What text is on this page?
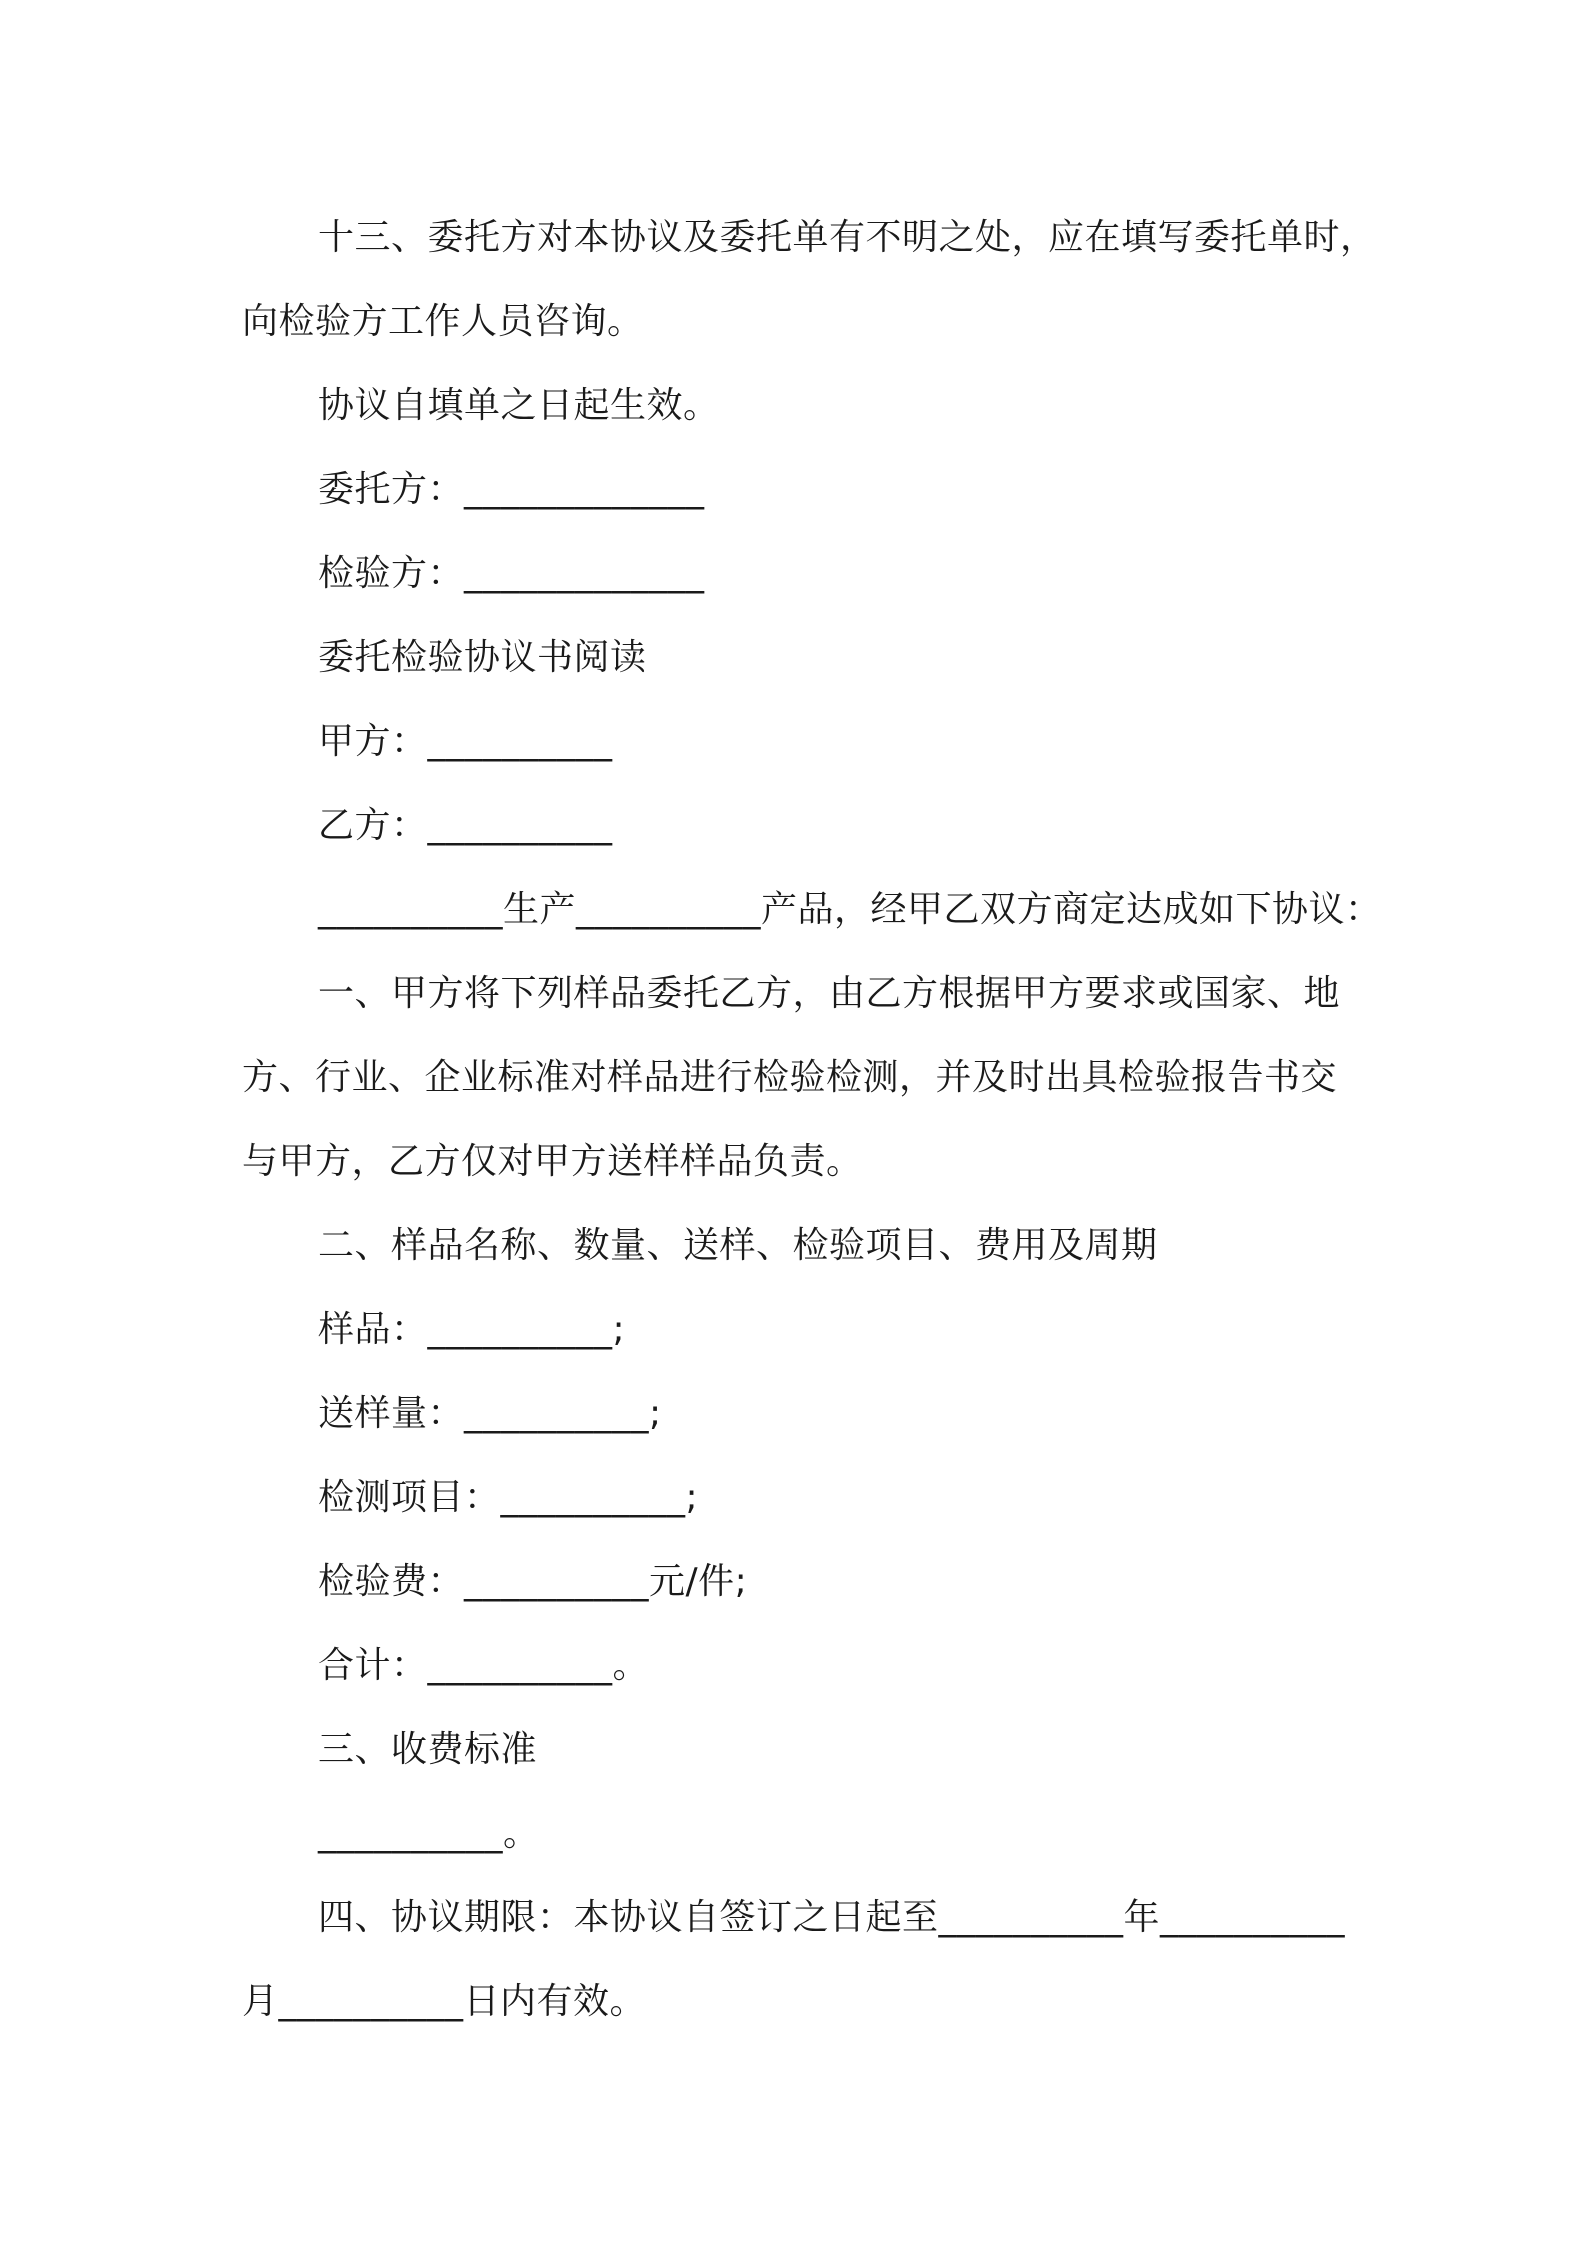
十三、委托方对本协议及委托单有不明之处，应在填写委托单时，

向检验方工作人员咨询。

协议自填单之日起生效。

委托方：_____________

检验方：_____________

委托检验协议书阅读

甲方：__________

乙方：__________

__________生产__________产品，经甲乙双方商定达成如下协议：

一、甲方将下列样品委托乙方，由乙方根据甲方要求或国家、地

方、行业、企业标准对样品进行检验检测，并及时出具检验报告书交

与甲方，乙方仅对甲方送样样品负责。

二、样品名称、数量、送样、检验项目、费用及周期

样品：__________;

送样量：__________;

检测项目：__________;

检验费：__________元/件;

合计：__________。

三、收费标准

__________。

四、协议期限：本协议自签订之日起至__________年__________

月__________日内有效。
